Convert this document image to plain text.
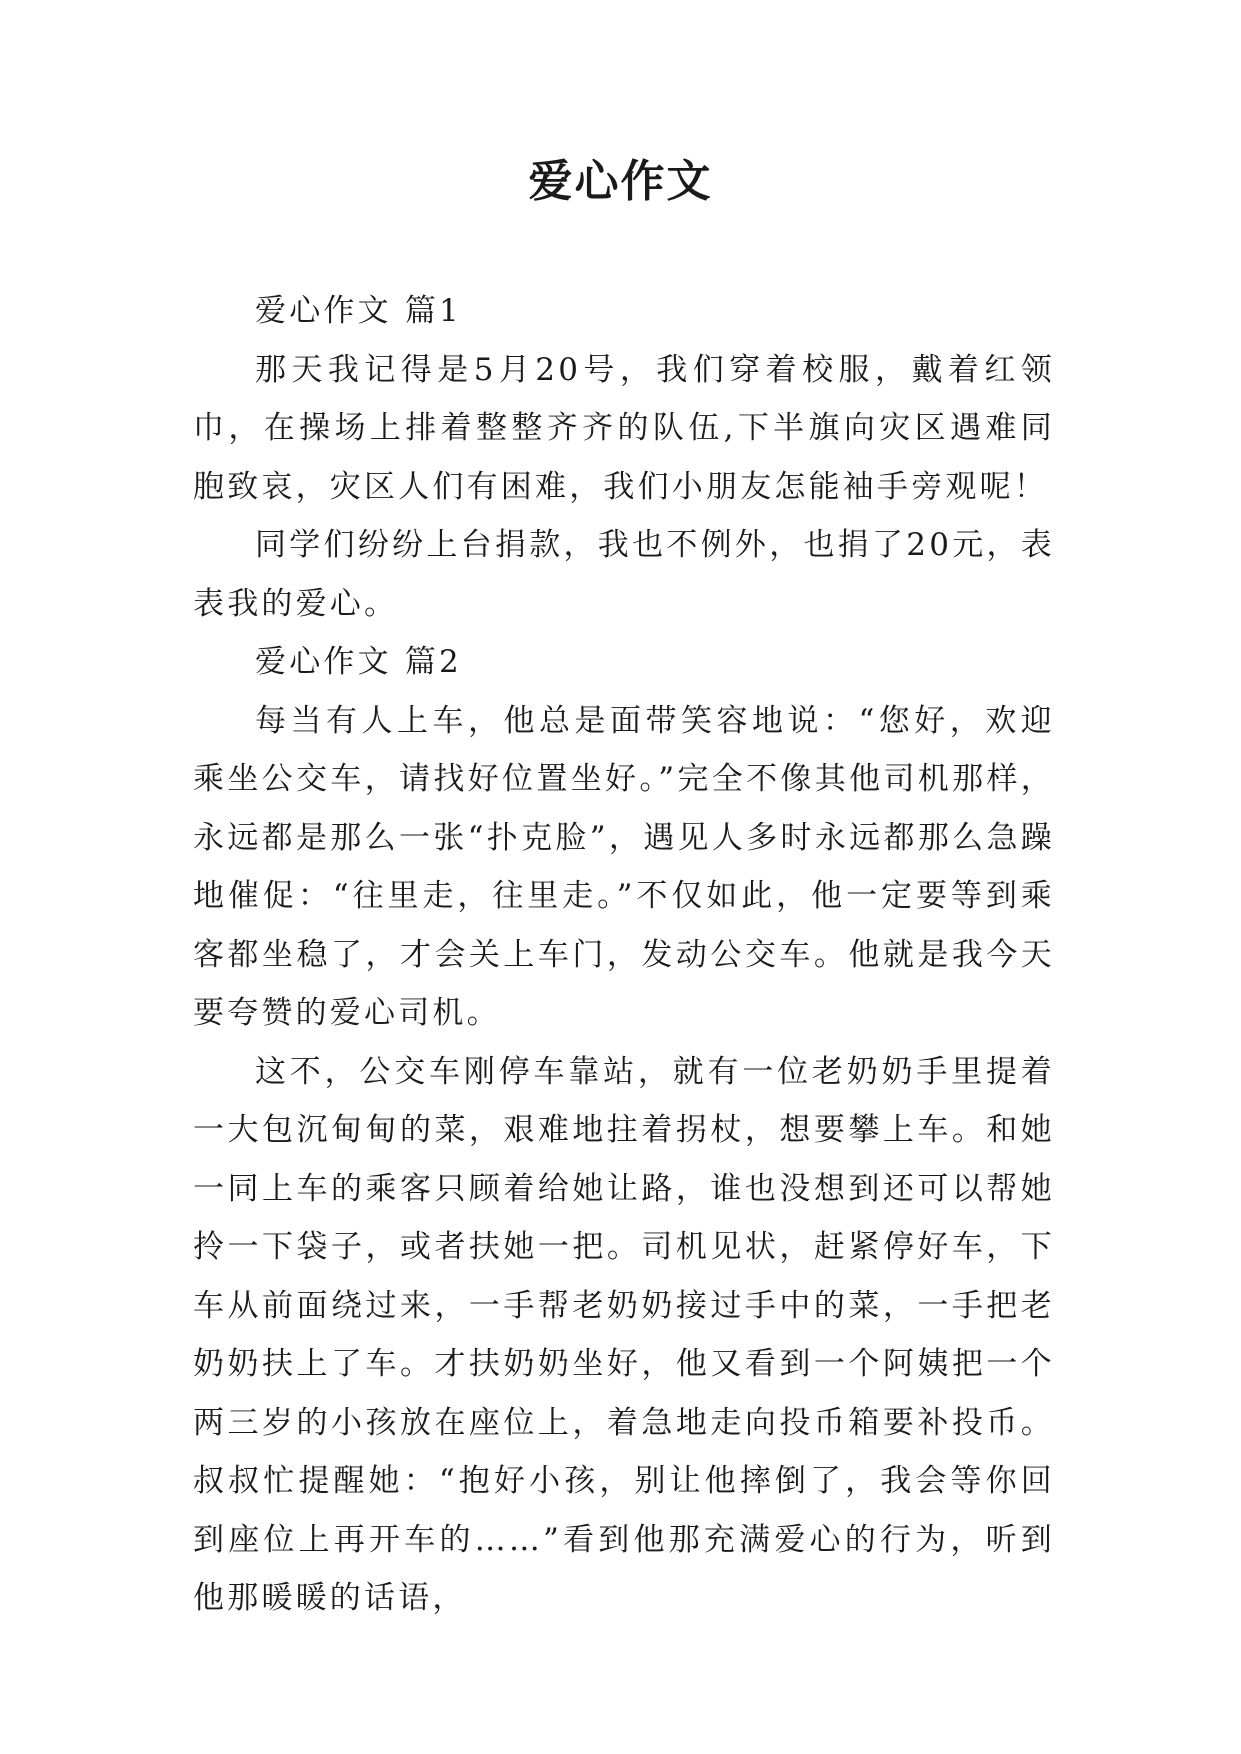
爱心作文

爱心作文 篇1

那天我记得是5月20号，我们穿着校服，戴着红领巾，在操场上排着整整齐齐的队伍,下半旗向灾区遇难同胞致哀，灾区人们有困难，我们小朋友怎能袖手旁观呢！

同学们纷纷上台捐款，我也不例外，也捐了20元，表表我的爱心。

爱心作文 篇2

每当有人上车，他总是面带笑容地说：“您好，欢迎乘坐公交车，请找好位置坐好。”完全不像其他司机那样，永远都是那么一张“扑克脸”，遇见人多时永远都那么急躁地催促：“往里走，往里走。”不仅如此，他一定要等到乘客都坐稳了，才会关上车门，发动公交车。他就是我今天要夸赞的爱心司机。

这不，公交车刚停车靠站，就有一位老奶奶手里提着一大包沉甸甸的菜，艰难地拄着拐杖，想要攀上车。和她一同上车的乘客只顾着给她让路，谁也没想到还可以帮她拎一下袋子，或者扶她一把。司机见状，赶紧停好车，下车从前面绕过来，一手帮老奶奶接过手中的菜，一手把老奶奶扶上了车。才扶奶奶坐好，他又看到一个阿姨把一个两三岁的小孩放在座位上，着急地走向投币箱要补投币。叔叔忙提醒她：“抱好小孩，别让他摔倒了，我会等你回到座位上再开车的……”看到他那充满爱心的行为，听到他那暖暖的话语，
